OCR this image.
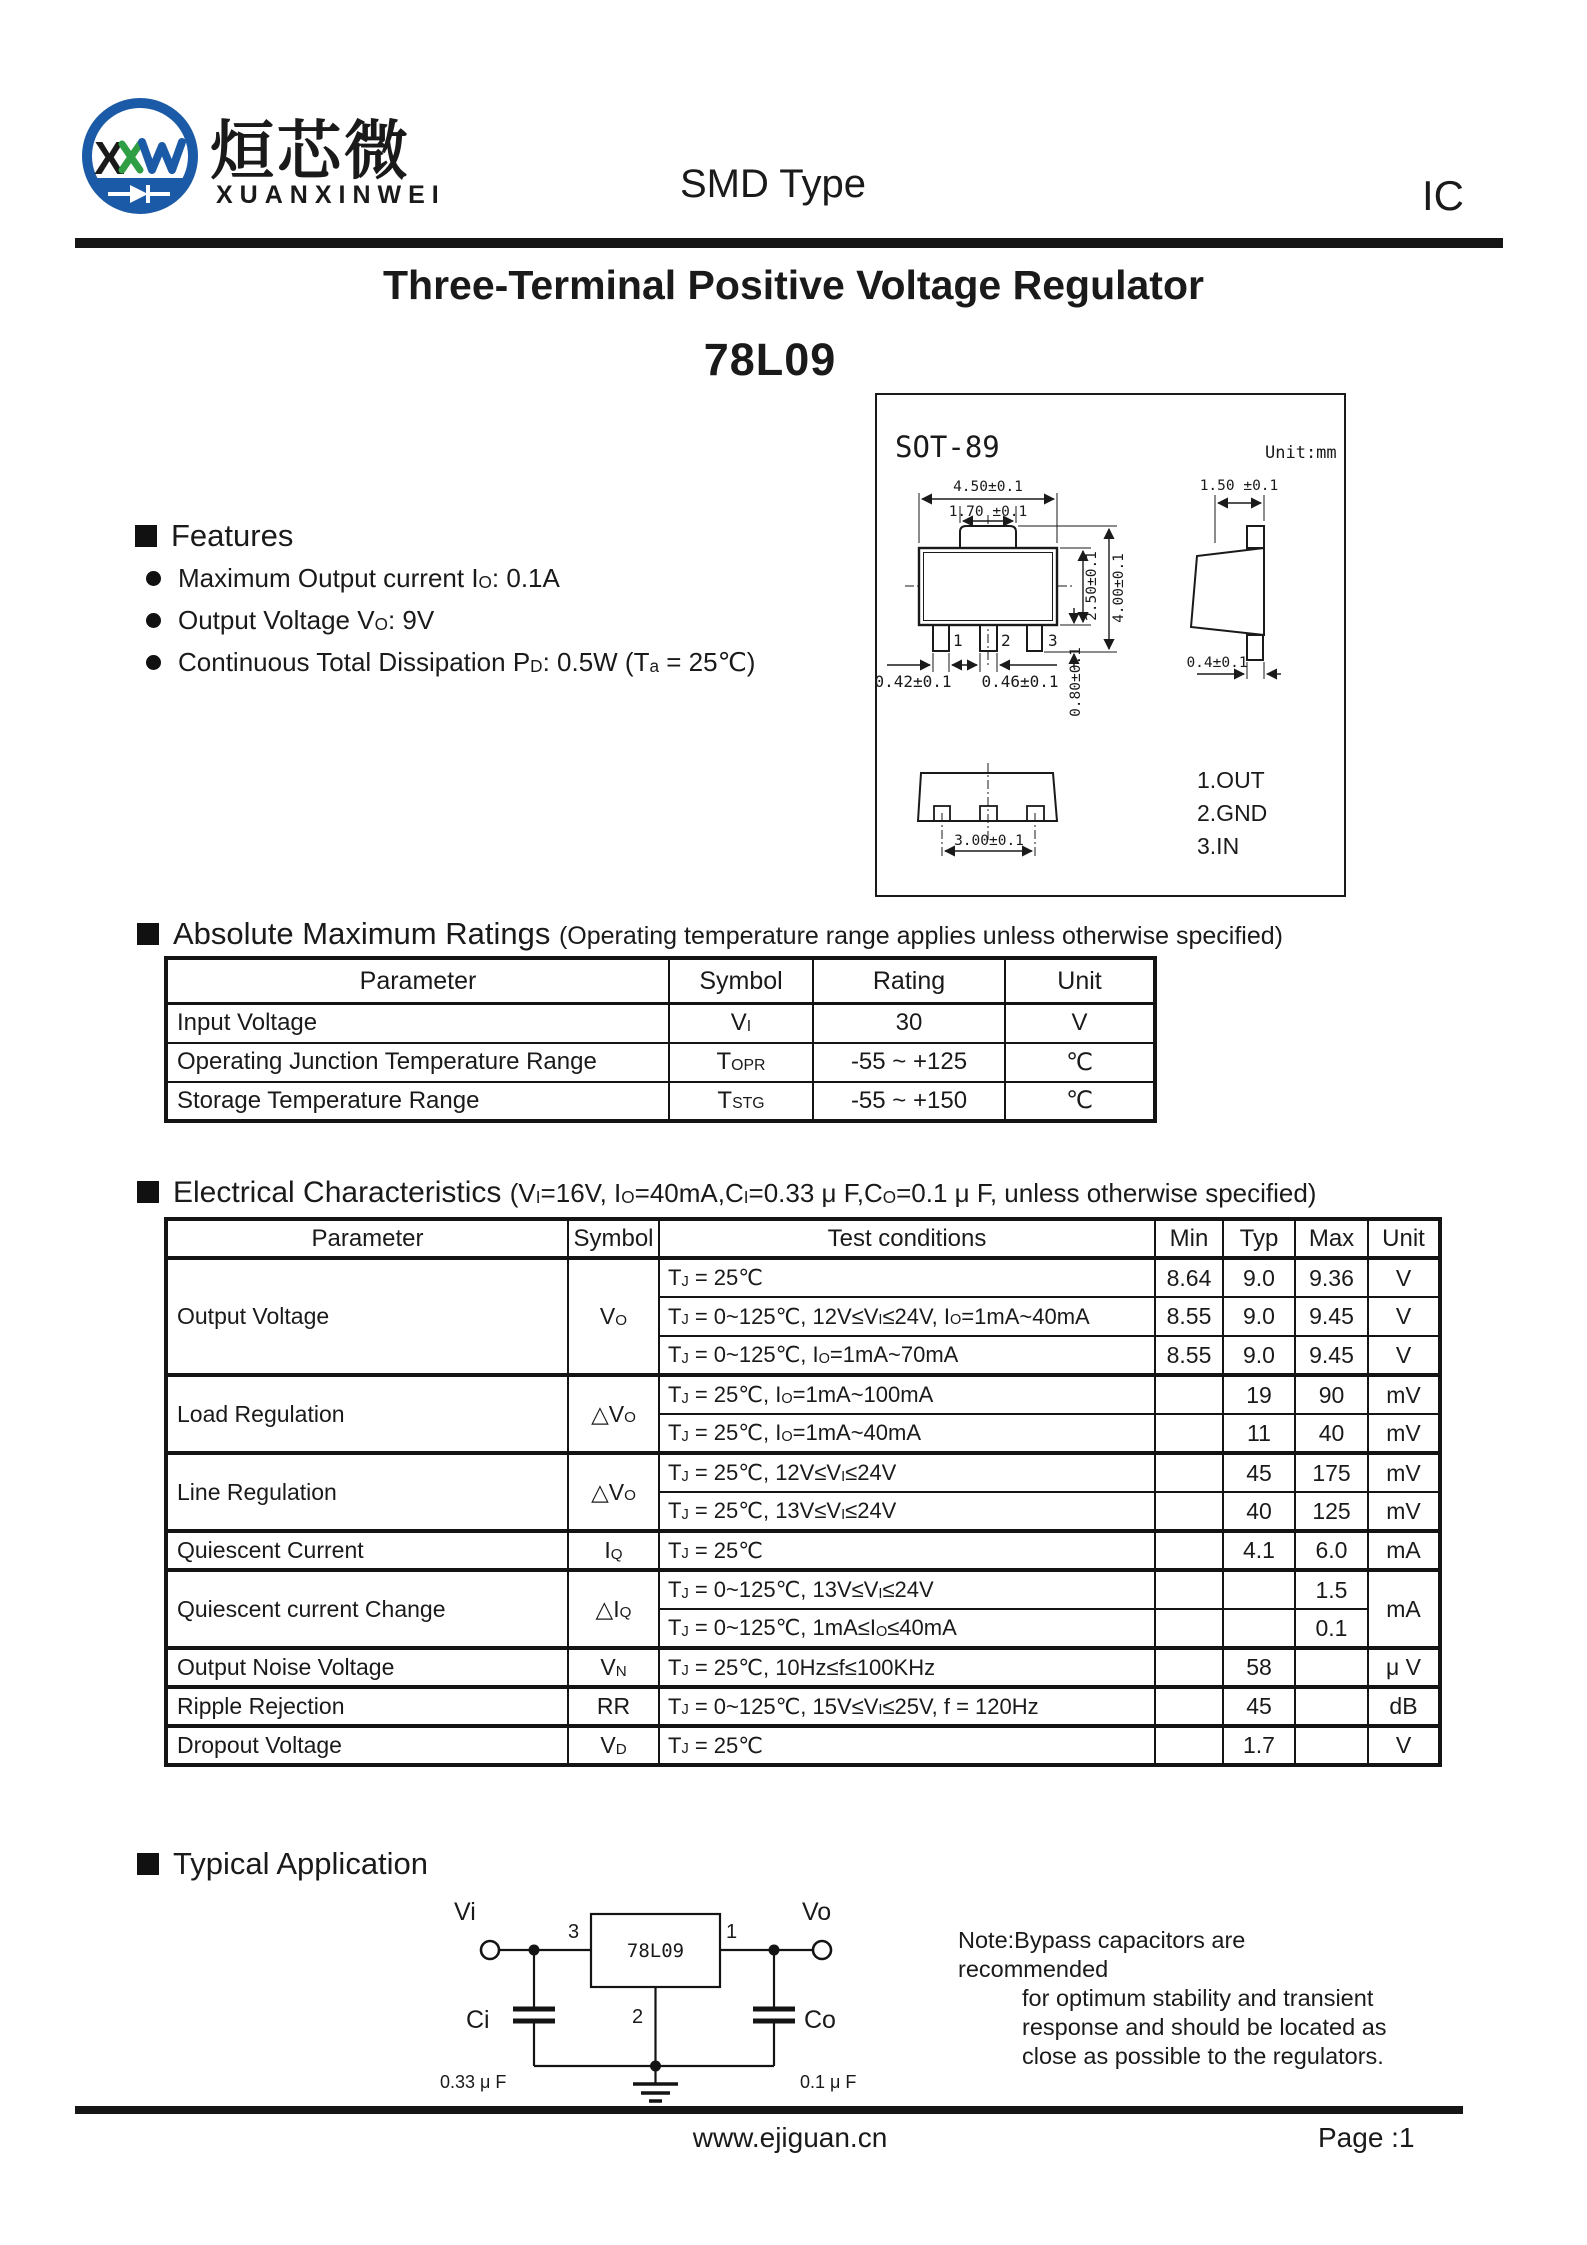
X 烜芯微
XUANXINWEI	SMD Type	IC
Three-Terminal Positive Voltage Regulator
78L09
SOT-89	Unit:mm
4.50±0.1
1.70 ±0.1
2.50±0.1 4.00±0.1
0.80±0.1
0.42±0.1 0.46±0.1
1.50 ±0.1
0.4±0.1
3.00±0.1
1 2 3
1.OUT
2.GND
3.IN
Features
Maximum Output current $I_O$: 0.1A
Output Voltage $V_O$: 9V
Continuous Total Dissipation $P_D$: 0.5W ($T_a$ = 25℃)
Absolute Maximum Ratings (Operating temperature range applies unless otherwise specified)
Parameter	Symbol	Rating	Unit
Input Voltage	$V_I$	30	V
Operating Junction Temperature Range	$T_{OPR}$	-55 ~ +125	℃
Storage Temperature Range	$T_{STG}$	-55 ~ +150	℃
Electrical Characteristics ($V_I=16V$, $I_O=40mA,C_I=0.33$ μ $F,C_O=0.1$ μ F, unless otherwise specified)
Parameter	Symbol	Test conditions	Min	Typ	Max	Unit
Output Voltage	$V_O$	$T_J$ = 25℃	8.64	9.0	9.36	V
		$T_J$ = 0~125℃, $12V\le V_I\le 24V$, $I_O=1mA\sim 40mA$	8.55	9.0	9.45	V
		$T_J$ = 0~125℃, $I_O=1mA\sim 70mA$	8.55	9.0	9.45	V
Load Regulation	$\triangle V_O$	$T_J$ = 25℃, $I_O=1mA\sim 100mA$		19	90	mV
		$T_J$ = 25℃, $I_O=1mA\sim 40mA$		11	40	mV
Line Regulation	$\triangle V_O$	$T_J$ = 25℃, $12V\le V_I\le 24V$		45	175	mV
		$T_J$ = 25℃, $13V\le V_I\le 24V$		40	125	mV
Quiescent Current	$I_Q$	$T_J$ = 25℃		4.1	6.0	mA
Quiescent current Change	$\triangle I_Q$	$T_J$ = 0~125℃, $13V\le V_I\le 24V$			1.5	mA
		$T_J$ = 0~125℃, $1mA\le I_O\le 40mA$			0.1	
Output Noise Voltage	$V_N$	$T_J$ = 25℃, 10Hz≤f≤100KHz		58		μ V
Ripple Rejection	RR	$T_J$ = 0~125℃, $15V\le V_I\le 25V$, f = 120Hz		45		dB
Dropout Voltage	$V_D$	$T_J$ = 25℃		1.7		V
Typical Application
Vi	Vo
3	1
2
78L09
Ci
0.33 μ F
Co
0.1 μ F
Note:Bypass capacitors are recommended
for optimum stability and transient
response and should be located as
close as possible to the regulators.
www.ejiguan.cn	Page :1
